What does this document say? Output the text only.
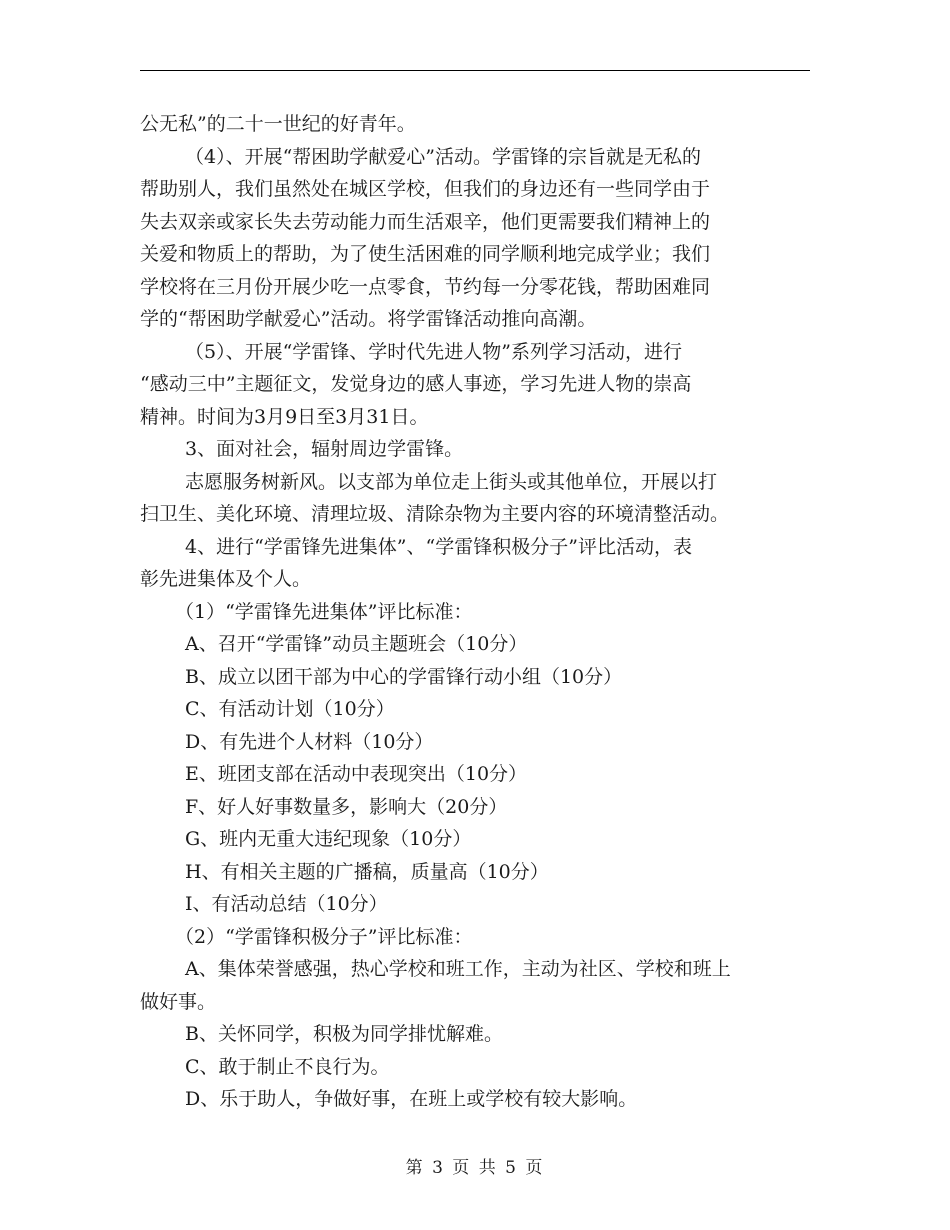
公无私”的二十一世纪的好青年。
（4）、开展“帮困助学献爱心”活动。学雷锋的宗旨就是无私的
帮助别人，我们虽然处在城区学校，但我们的身边还有一些同学由于
失去双亲或家长失去劳动能力而生活艰辛，他们更需要我们精神上的
关爱和物质上的帮助，为了使生活困难的同学顺利地完成学业；我们
学校将在三月份开展少吃一点零食，节约每一分零花钱，帮助困难同
学的“帮困助学献爱心”活动。将学雷锋活动推向高潮。
（5）、开展“学雷锋、学时代先进人物”系列学习活动，进行
“感动三中”主题征文，发觉身边的感人事迹，学习先进人物的崇高
精神。时间为3月9日至3月31日。
3、面对社会，辐射周边学雷锋。
志愿服务树新风。以支部为单位走上街头或其他单位，开展以打
扫卫生、美化环境、清理垃圾、清除杂物为主要内容的环境清整活动。
4、进行“学雷锋先进集体”、“学雷锋积极分子”评比活动，表
彰先进集体及个人。
（1）“学雷锋先进集体”评比标准：
A、召开“学雷锋”动员主题班会（10分）
B、成立以团干部为中心的学雷锋行动小组（10分）
C、有活动计划（10分）
D、有先进个人材料（10分）
E、班团支部在活动中表现突出（10分）
F、好人好事数量多，影响大（20分）
G、班内无重大违纪现象（10分）
H、有相关主题的广播稿，质量高（10分）
I、有活动总结（10分）
（2）“学雷锋积极分子”评比标准：
A、集体荣誉感强，热心学校和班工作，主动为社区、学校和班上
做好事。
B、关怀同学，积极为同学排忧解难。
C、敢于制止不良行为。
D、乐于助人，争做好事，在班上或学校有较大影响。
第 3 页 共 5 页
